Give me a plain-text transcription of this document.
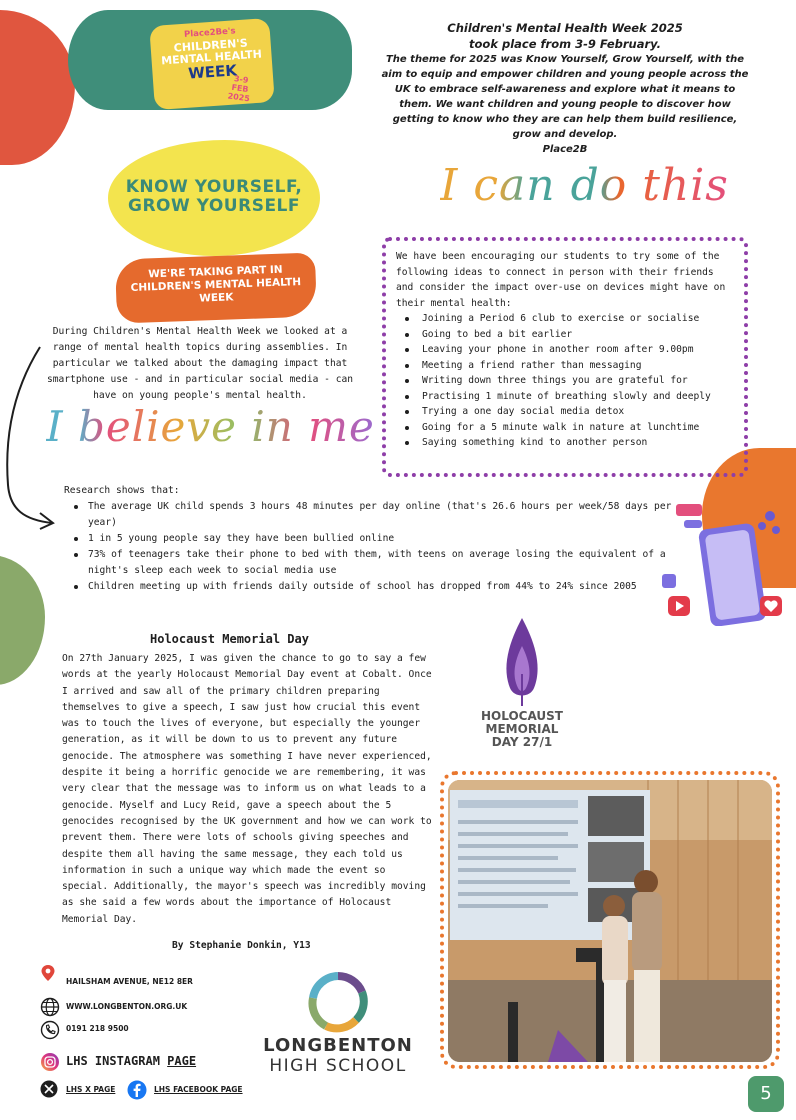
Place2Be's
CHILDREN'S MENTAL HEALTH
WEEK
3-9 FEB 2025
KNOW YOURSELF, GROW YOURSELF
WE'RE TAKING PART IN CHILDREN'S MENTAL HEALTH WEEK
Children's Mental Health Week 2025
took place from 3-9 February.
The theme for 2025 was Know Yourself, Grow Yourself, with the aim to equip and empower children and young people across the UK to embrace self-awareness and explore what it means to them. We want children and young people to discover how getting to know who they are can help them build resilience, grow and develop.
Place2B
I can do this
I believe in me
We have been encouraging our students to try some of the following ideas to connect in person with their friends and consider the impact over-use on devices might have on their mental health:
Joining a Period 6 club to exercise or socialise
Going to bed a bit earlier
Leaving your phone in another room after 9.00pm
Meeting a friend rather than messaging
Writing down three things you are grateful for
Practising 1 minute of breathing slowly and deeply
Trying a one day social media detox
Going for a 5 minute walk in nature at lunchtime
Saying something kind to another person
During Children's Mental Health Week we looked at a range of mental health topics during assemblies. In particular we talked about the damaging impact that smartphone use - and in particular social media - can have on young people's mental health.
Research shows that:
The average UK child spends 3 hours 48 minutes per day online (that's 26.6 hours per week/58 days per year)
1 in 5 young people say they have been bullied online
73% of teenagers take their phone to bed with them, with teens on average losing the equivalent of a night's sleep each week to social media use
Children meeting up with friends daily outside of school has dropped from 44% to 24% since 2005
Holocaust Memorial Day
On 27th January 2025, I was given the chance to go to say a few words at the yearly Holocaust Memorial Day event at Cobalt. Once I arrived and saw all of the primary children preparing themselves to give a speech, I saw just how crucial this event was to touch the lives of everyone, but especially the younger generation, as it will be down to us to prevent any future genocide. The atmosphere was something I have never experienced, despite it being a horrific genocide we are remembering, it was very clear that the message was to inform us on what leads to a genocide. Myself and Lucy Reid, gave a speech about the 5 genocides recognised by the UK government and how we can work to prevent them. There were lots of schools giving speeches and despite them all having the same message, they each told us information in such a unique way which made the event so special. Additionally, the mayor's speech was incredibly moving as she said a few words about the importance of Holocaust Memorial Day.
By Stephanie Donkin, Y13
HOLOCAUST
MEMORIAL
DAY 27/1
HAILSHAM AVENUE, NE12 8ER
WWW.LONGBENTON.ORG.UK
0191 218 9500
LHS INSTAGRAM PAGE
LHS X PAGE	LHS FACEBOOK PAGE
LONGBENTON
HIGH SCHOOL
5
